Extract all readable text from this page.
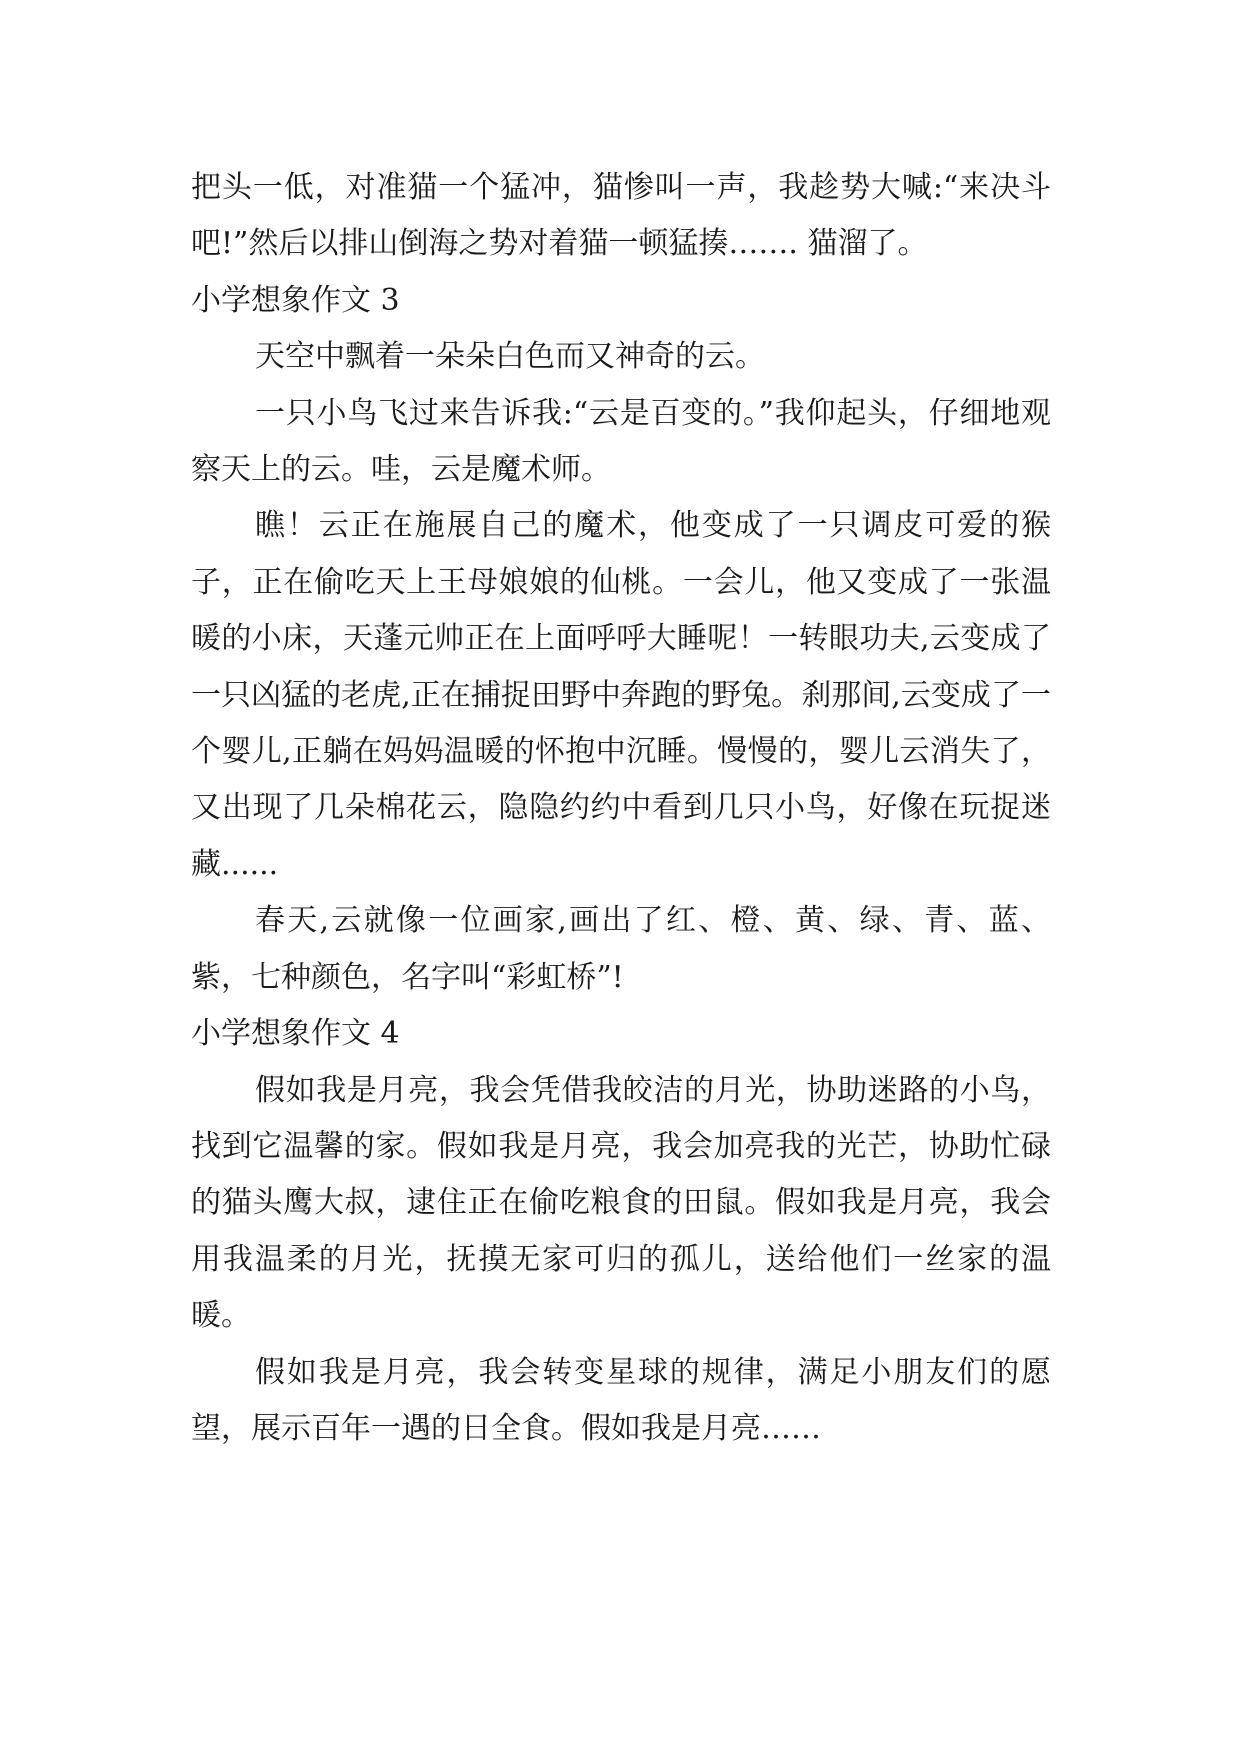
把头一低，对准猫一个猛冲，猫惨叫一声，我趁势大喊:“来决斗吧!”然后以排山倒海之势对着猫一顿猛揍……. 猫溜了。

小学想象作文 3

天空中飘着一朵朵白色而又神奇的云。

一只小鸟飞过来告诉我:“云是百变的。”我仰起头，仔细地观察天上的云。哇，云是魔术师。

瞧！云正在施展自己的魔术，他变成了一只调皮可爱的猴子，正在偷吃天上王母娘娘的仙桃。一会儿，他又变成了一张温暖的小床，天蓬元帅正在上面呼呼大睡呢！一转眼功夫,云变成了一只凶猛的老虎,正在捕捉田野中奔跑的野兔。刹那间,云变成了一个婴儿,正躺在妈妈温暖的怀抱中沉睡。慢慢的，婴儿云消失了，又出现了几朵棉花云，隐隐约约中看到几只小鸟，好像在玩捉迷藏......

春天,云就像一位画家,画出了红、橙、黄、绿、青、蓝、紫，七种颜色，名字叫“彩虹桥”!

小学想象作文 4

假如我是月亮，我会凭借我皎洁的月光，协助迷路的小鸟，找到它温馨的家。假如我是月亮，我会加亮我的光芒，协助忙碌的猫头鹰大叔，逮住正在偷吃粮食的田鼠。假如我是月亮，我会用我温柔的月光，抚摸无家可归的孤儿，送给他们一丝家的温暖。

假如我是月亮，我会转变星球的规律，满足小朋友们的愿望，展示百年一遇的日全食。假如我是月亮……
